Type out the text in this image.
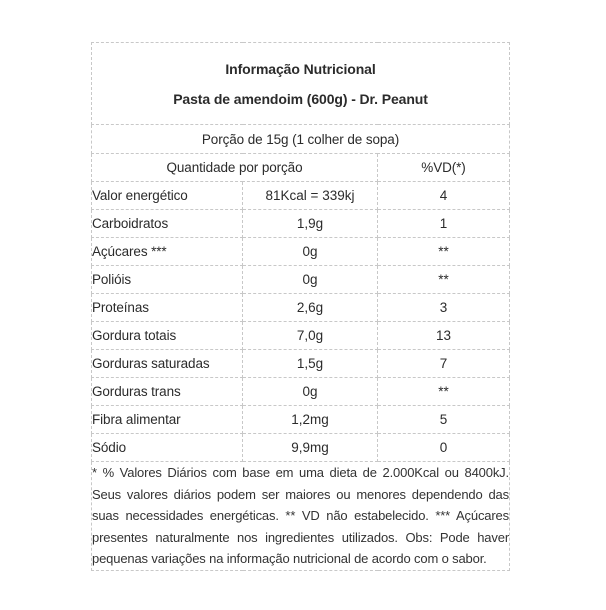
Informação Nutricional

Pasta de amendoim (600g) - Dr. Peanut		

Porção de 15g (1 colher de sopa)		
Quantidade por porção		%VD(*)
Valor energético	81Kcal = 339kj	4
Carboidratos	1,9g	1
Açúcares ***	0g	**
Polióis	0g	**
Proteínas	2,6g	3
Gordura totais	7,0g	13
Gorduras saturadas	1,5g	7
Gorduras trans	0g	**
Fibra alimentar	1,2mg	5
Sódio	9,9mg	0

* % Valores Diários com base em uma dieta de 2.000Kcal ou 8400kJ. Seus valores diários podem ser maiores ou menores dependendo das suas necessidades energéticas. ** VD não estabelecido. *** Açúcares presentes naturalmente nos ingredientes utilizados. Obs: Pode haver pequenas variações na informação nutricional de acordo com o sabor.		
